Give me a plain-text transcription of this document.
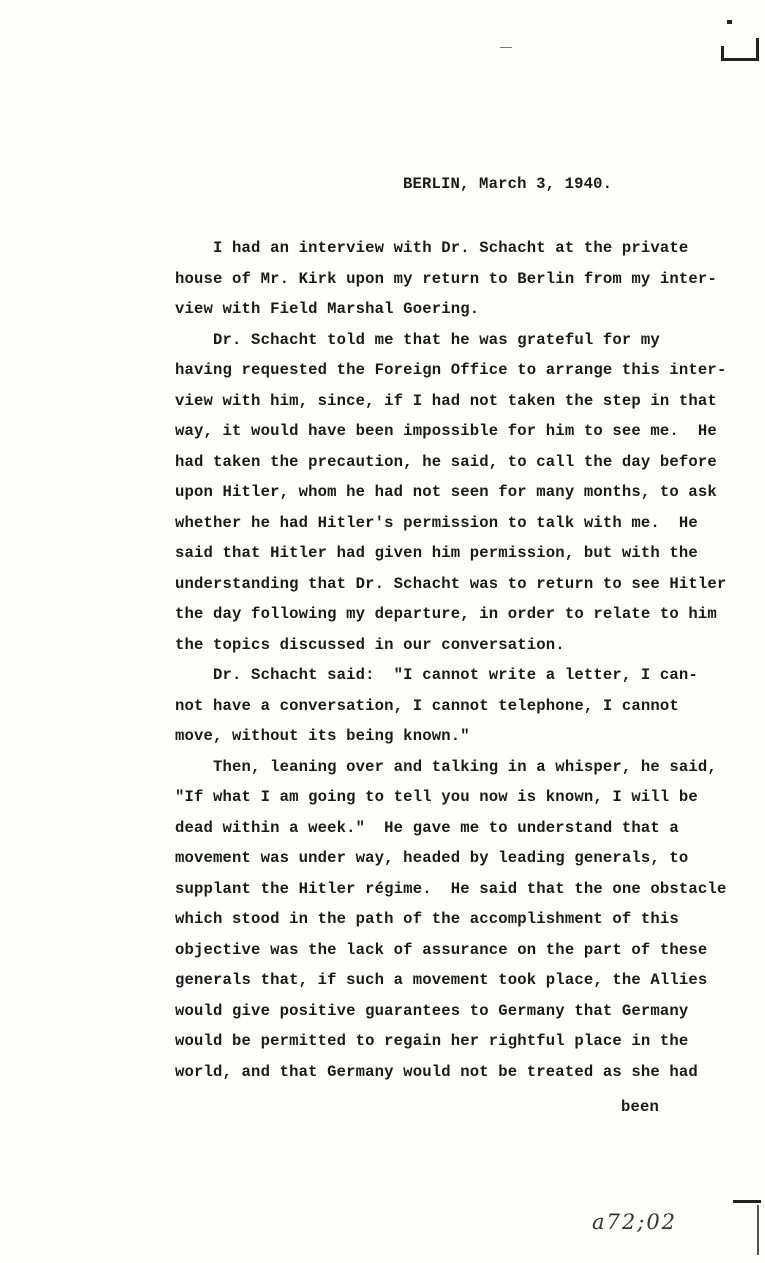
BERLIN, March 3, 1940.
I had an interview with Dr. Schacht at the private
house of Mr. Kirk upon my return to Berlin from my inter-
view with Field Marshal Goering.
Dr. Schacht told me that he was grateful for my
having requested the Foreign Office to arrange this inter-
view with him, since, if I had not taken the step in that
way, it would have been impossible for him to see me.  He
had taken the precaution, he said, to call the day before
upon Hitler, whom he had not seen for many months, to ask
whether he had Hitler's permission to talk with me.  He
said that Hitler had given him permission, but with the
understanding that Dr. Schacht was to return to see Hitler
the day following my departure, in order to relate to him
the topics discussed in our conversation.
Dr. Schacht said:  "I cannot write a letter, I can-
not have a conversation, I cannot telephone, I cannot
move, without its being known."
Then, leaning over and talking in a whisper, he said,
"If what I am going to tell you now is known, I will be
dead within a week."  He gave me to understand that a
movement was under way, headed by leading generals, to
supplant the Hitler régime.  He said that the one obstacle
which stood in the path of the accomplishment of this
objective was the lack of assurance on the part of these
generals that, if such a movement took place, the Allies
would give positive guarantees to Germany that Germany
would be permitted to regain her rightful place in the
world, and that Germany would not be treated as she had
been
a72;02
